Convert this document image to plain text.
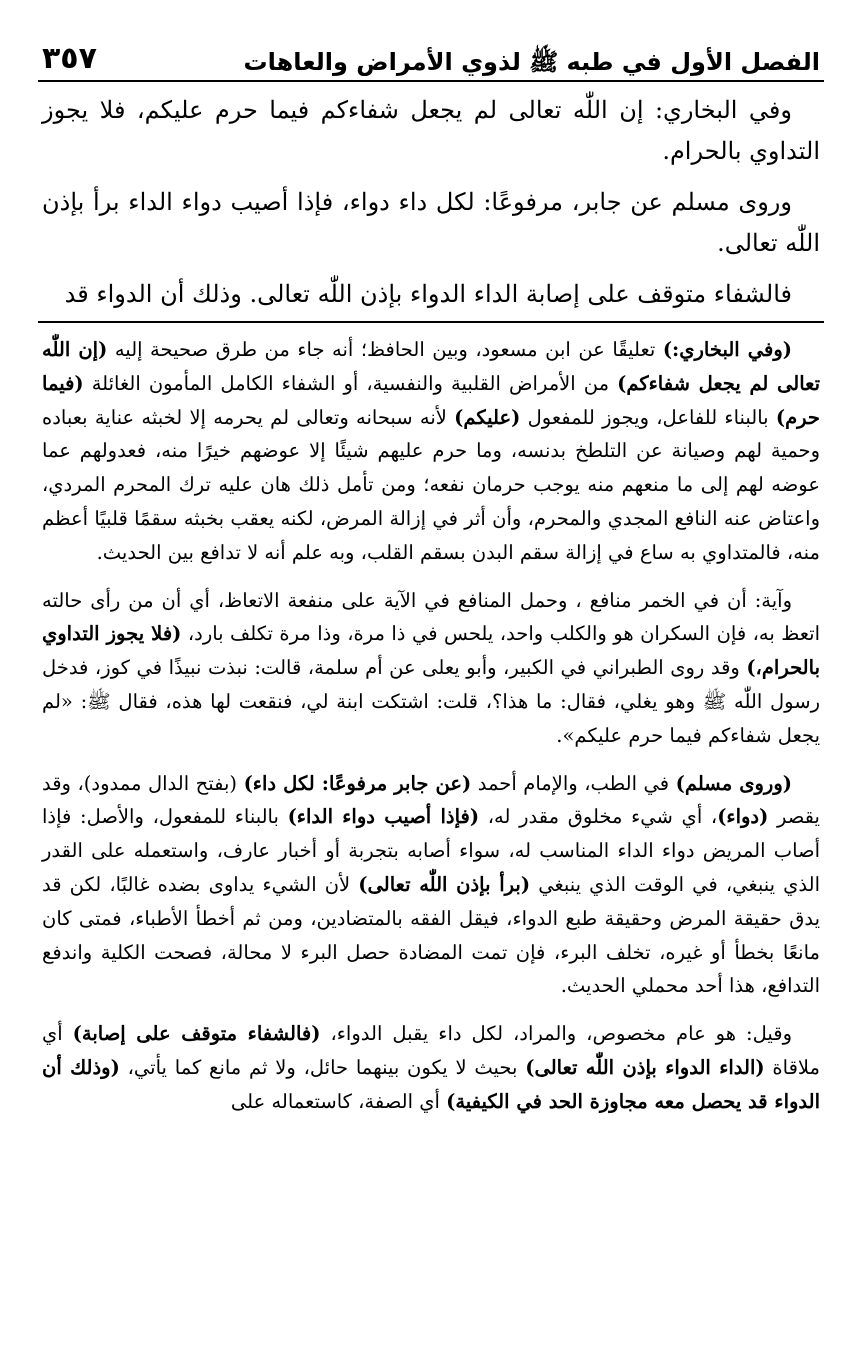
الفصل الأول في طبه ﷺ لذوي الأمراض والعاهات
٣٥٧

وفي البخاري: إن اللّٰه تعالى لم يجعل شفاءكم فيما حرم عليكم، فلا يجوز التداوي بالحرام.

وروى مسلم عن جابر، مرفوعًا: لكل داء دواء، فإذا أصيب دواء الداء برأ بإذن اللّٰه تعالى.

فالشفاء متوقف على إصابة الداء الدواء بإذن اللّٰه تعالى. وذلك أن الدواء قد

(وفي البخاري:) تعليقًا عن ابن مسعود، وبين الحافظ؛ أنه جاء من طرق صحيحة إليه (إن اللّٰه تعالى لم يجعل شفاءكم) من الأمراض القلبية والنفسية، أو الشفاء الكامل المأمون الغائلة (فيما حرم) بالبناء للفاعل، ويجوز للمفعول (عليكم) لأنه سبحانه وتعالى لم يحرمه إلا لخبثه عناية بعباده وحمية لهم وصيانة عن التلطخ بدنسه، وما حرم عليهم شيئًا إلا عوضهم خيرًا منه، فعدولهم عما عوضه لهم إلى ما منعهم منه يوجب حرمان نفعه؛ ومن تأمل ذلك هان عليه ترك المحرم المردي، واعتاض عنه النافع المجدي والمحرم، وأن أثر في إزالة المرض، لكنه يعقب بخبثه سقمًا قلبيًا أعظم منه، فالمتداوي به ساع في إزالة سقم البدن بسقم القلب، وبه علم أنه لا تدافع بين الحديث.

وآية: أن في الخمر منافع ، وحمل المنافع في الآية على منفعة الاتعاظ، أي أن من رأى حالته اتعظ به، فإن السكران هو والكلب واحد، يلحس في ذا مرة، وذا مرة تكلف بارد، (فلا يجوز التداوي بالحرام،) وقد روى الطبراني في الكبير، وأبو يعلى عن أم سلمة، قالت: نبذت نبيذًا في كوز، فدخل رسول اللّٰه ﷺ وهو يغلي، فقال: ما هذا؟، قلت: اشتكت ابنة لي، فنقعت لها هذه، فقال ﷺ: «لم يجعل شفاءكم فيما حرم عليكم».

(وروى مسلم) في الطب، والإمام أحمد (عن جابر مرفوعًا: لكل داء) (بفتح الدال ممدود)، وقد يقصر (دواء)، أي شيء مخلوق مقدر له، (فإذا أصيب دواء الداء) بالبناء للمفعول، والأصل: فإذا أصاب المريض دواء الداء المناسب له، سواء أصابه بتجربة أو أخبار عارف، واستعمله على القدر الذي ينبغي، في الوقت الذي ينبغي (برأ بإذن اللّٰه تعالى) لأن الشيء يداوى بضده غالبًا، لكن قد يدق حقيقة المرض وحقيقة طبع الدواء، فيقل الفقه بالمتضادين، ومن ثم أخطأ الأطباء، فمتى كان مانعًا بخطأ أو غيره، تخلف البرء، فإن تمت المضادة حصل البرء لا محالة، فصحت الكلية واندفع التدافع، هذا أحد محملي الحديث.

وقيل: هو عام مخصوص، والمراد، لكل داء يقبل الدواء، (فالشفاء متوقف على إصابة) أي ملاقاة (الداء الدواء بإذن اللّٰه تعالى) بحيث لا يكون بينهما حائل، ولا ثم مانع كما يأتي، (وذلك أن الدواء قد يحصل معه مجاوزة الحد في الكيفية) أي الصفة، كاستعماله على
